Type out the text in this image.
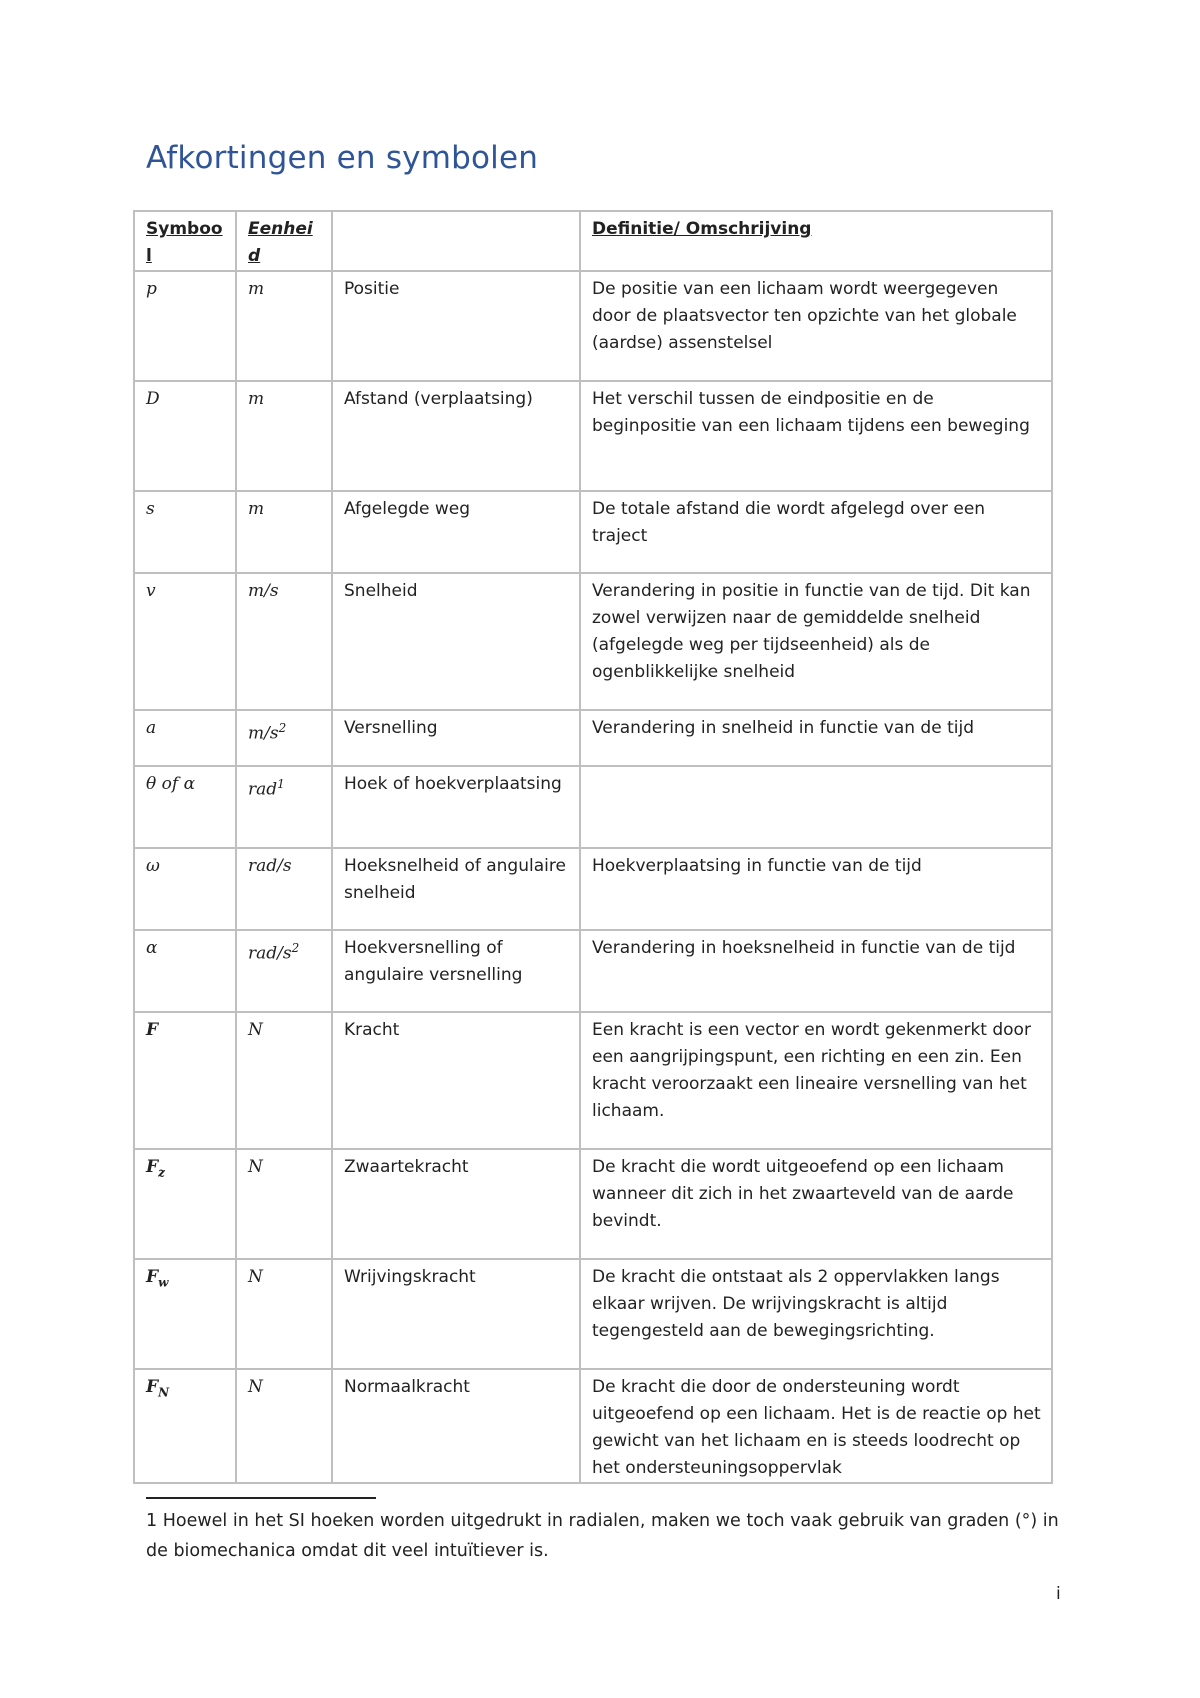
Afkortingen en symbolen
Symboo l	Eenhei d		Definitie/ Omschrijving
p	m	Positie	De positie van een lichaam wordt weergegeven door de plaatsvector ten opzichte van het globale (aardse) assenstelsel
D	m	Afstand (verplaatsing)	Het verschil tussen de eindpositie en de beginpositie van een lichaam tijdens een beweging
s	m	Afgelegde weg	De totale afstand die wordt afgelegd over een traject
v	m/s	Snelheid	Verandering in positie in functie van de tijd. Dit kan zowel verwijzen naar de gemiddelde snelheid (afgelegde weg per tijdseenheid) als de ogenblikkelijke snelheid
a	$m/s^2$	Versnelling	Verandering in snelheid in functie van de tijd
θ of α	rad$^1$	Hoek of hoekverplaatsing	
ω	rad/s	Hoeksnelheid of angulaire snelheid	Hoekverplaatsing in functie van de tijd
α	rad/$s^2$	Hoekversnelling of angulaire versnelling	Verandering in hoeksnelheid in functie van de tijd
F	N	Kracht	Een kracht is een vector en wordt gekenmerkt door een aangrijpingspunt, een richting en een zin. Een kracht veroorzaakt een lineaire versnelling van het lichaam.
$F_z$	N	Zwaartekracht	De kracht die wordt uitgeoefend op een lichaam wanneer dit zich in het zwaarteveld van de aarde bevindt.
$F_w$	N	Wrijvingskracht	De kracht die ontstaat als 2 oppervlakken langs elkaar wrijven. De wrijvingskracht is altijd tegengesteld aan de bewegingsrichting.
$F_N$	N	Normaalkracht	De kracht die door de ondersteuning wordt uitgeoefend op een lichaam. Het is de reactie op het gewicht van het lichaam en is steeds loodrecht op het ondersteuningsoppervlak
1 Hoewel in het SI hoeken worden uitgedrukt in radialen, maken we toch vaak gebruik van graden (°) in de biomechanica omdat dit veel intuïtiever is.
i
